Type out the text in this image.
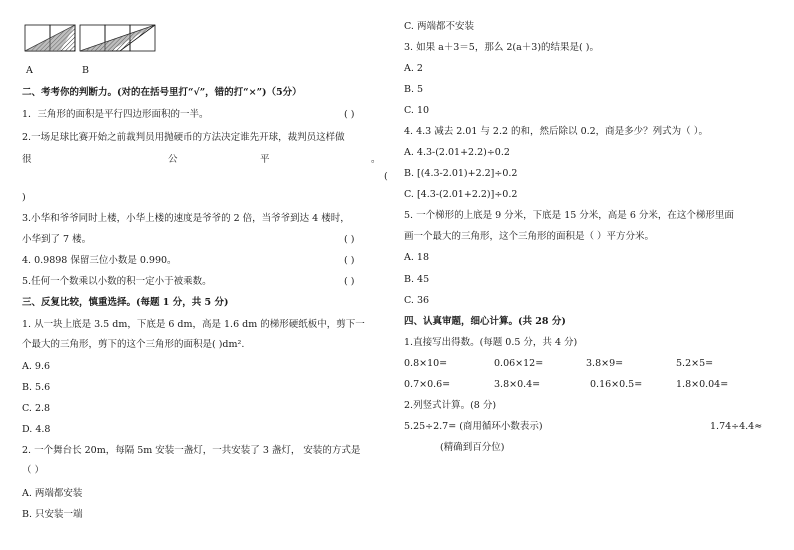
A	B
二、考考你的判断力。(对的在括号里打“√”，错的打“×”)（5分）
1．三角形的面积是平行四边形面积的一半。	( )
2.一场足球比赛开始之前裁判员用抛硬币的方法决定谁先开球，裁判员这样做
很	公	平	。
(
)
3.小华和爷爷同时上楼，小华上楼的速度是爷爷的 2 倍，当爷爷到达 4 楼时，
小华到了 7 楼。	( )
4. 0.9898 保留三位小数是 0.990。	( )
5.任何一个数乘以小数的积一定小于被乘数。	( )
三、反复比较，慎重选择。(每题 1 分，共 5 分)
1. 从一块上底是 3.5 dm，下底是 6 dm，高是 1.6 dm 的梯形硬纸板中，剪下一
个最大的三角形，剪下的这个三角形的面积是( )dm².
A. 9.6
B. 5.6
C. 2.8
D. 4.8
2. 一个舞台长 20m，每隔 5m 安装一盏灯，一共安装了 3 盏灯， 安装的方式是
（ ）
A. 两端都安装
B. 只安装一端
C. 两端都不安装
3. 如果 a＋3＝5，那么 2(a＋3)的结果是( )。
A. 2
B. 5
C. 10
4. 4.3 减去 2.01 与 2.2 的和，然后除以 0.2，商是多少？列式为（ ）。
A. 4.3-(2.01+2.2)÷0.2
B. [(4.3-2.01)+2.2]÷0.2
C. [4.3-(2.01+2.2)]÷0.2
5. 一个梯形的上底是 9 分米，下底是 15 分米，高是 6 分米，在这个梯形里面
画一个最大的三角形，这个三角形的面积是（ ）平方分米。
A. 18
B. 45
C. 36
四、认真审题，细心计算。(共 28 分)
1.直接写出得数。(每题 0.5 分，共 4 分)
0.8×10=	0.06×12=	3.8×9=	5.2×5=
0.7×0.6=	3.8×0.4=	0.16×0.5=	1.8×0.04=
2.列竖式计算。(8 分)
5.25÷2.7= (商用循环小数表示)	1.74÷4.4≈
(精确到百分位)
